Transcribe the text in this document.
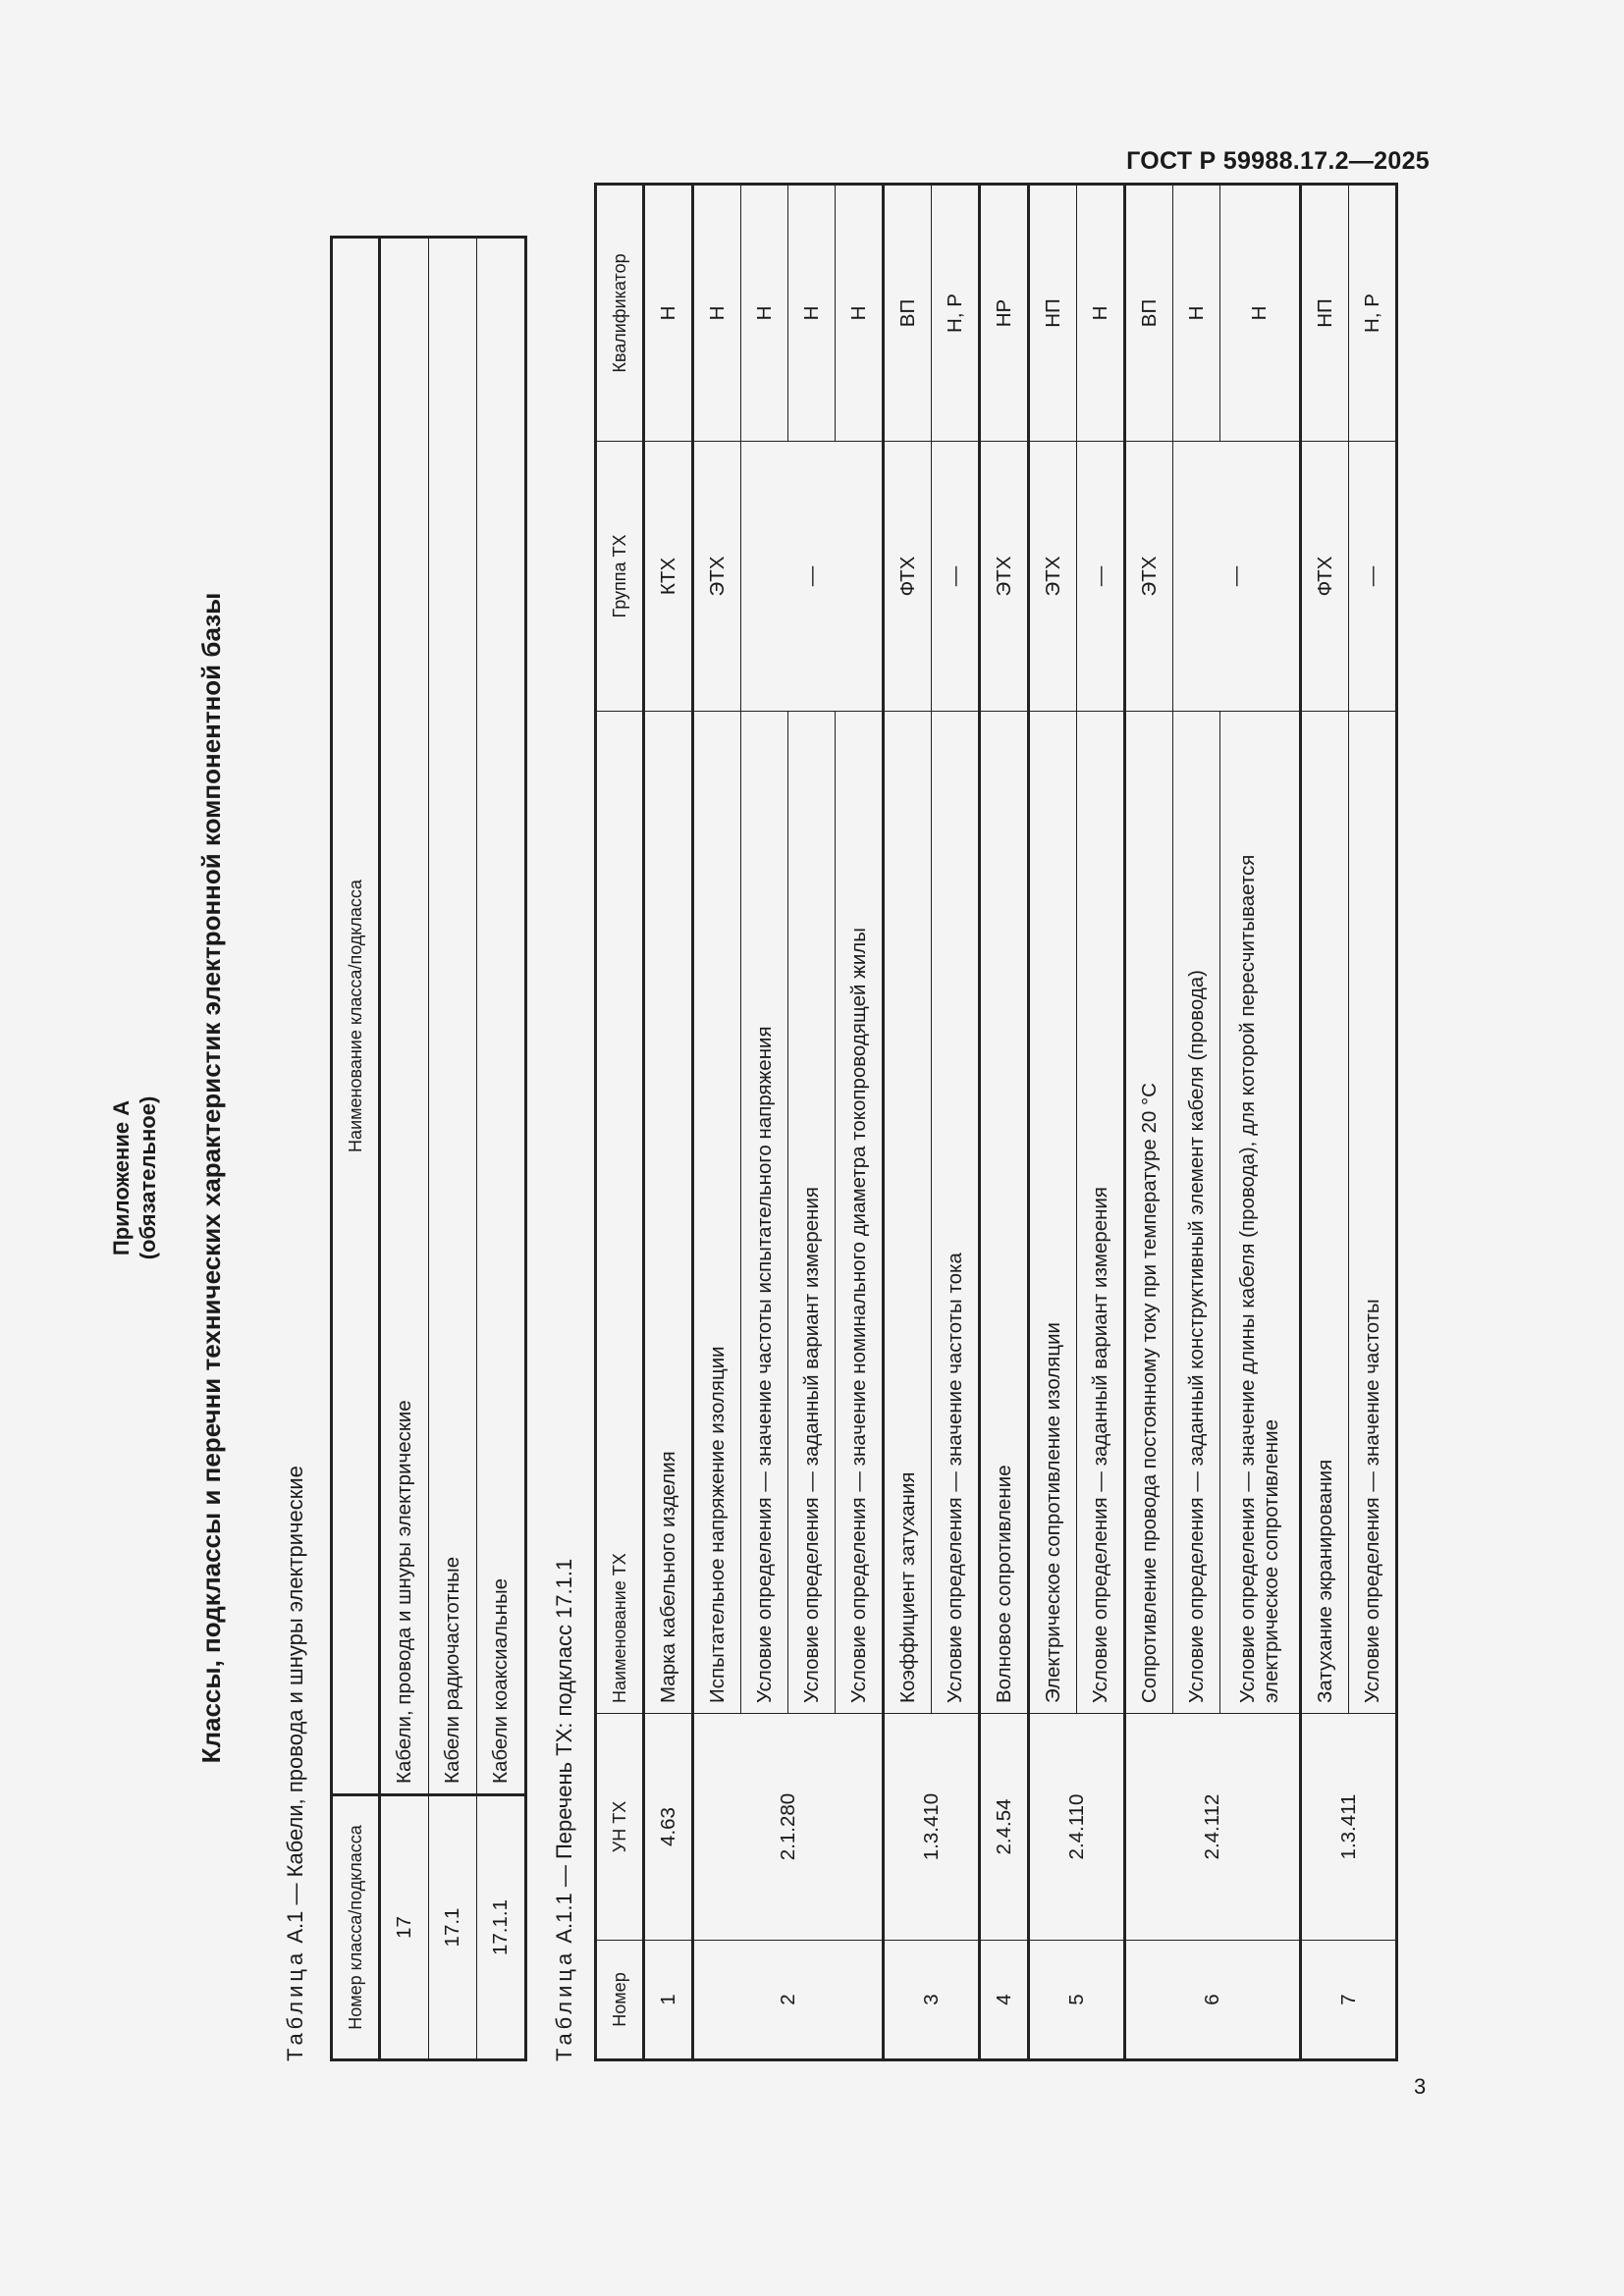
ГОСТ Р 59988.17.2—2025
Приложение А (обязательное) Классы, подклассы и перечни технических характеристик электронной компонентной базы
Таблица А.1 — Кабели, провода и шнуры электрические Номер класса/подкласса	Наименование класса/подкласса
17	Кабели, провода и шнуры электрические
17.1	Кабели радиочастотные
17.1.1	Кабели коаксиальные
Таблица А.1.1 — Перечень ТХ: подкласс 17.1.1
Номер	УН ТХ	Наименование ТХ	Группа ТХ	Квалификатор
1	4.63	Марка кабельного изделия	КТХ	Н
2	2.1.280	Испытательное напряжение изоляции	ЭТХ	Н
		Условие определения — значение частоты испытательного напряжения	—	Н
		Условие определения — заданный вариант измерения		Н
		Условие определения — значение номинального диаметра токопроводящей жилы		Н
3	1.3.410	Коэффициент затухания	ФТХ	ВП
		Условие определения — значение частоты тока	—	Н, Р
4	2.4.54	Волновое сопротивление	ЭТХ	НР
5	2.4.110	Электрическое сопротивление изоляции	ЭТХ	НП
		Условие определения — заданный вариант измерения	—	Н
6	2.4.112	Сопротивление провода постоянному току при температуре 20 °С	ЭТХ	ВП
		Условие определения — заданный конструктивный элемент кабеля (провода)	—	Н
		Условие определения — значение длины кабеля (провода), для которой пересчитывается электрическое сопротивление		Н
7	1.3.411	Затухание экранирования	ФТХ	НП
		Условие определения — значение частоты	—	Н, Р
3
